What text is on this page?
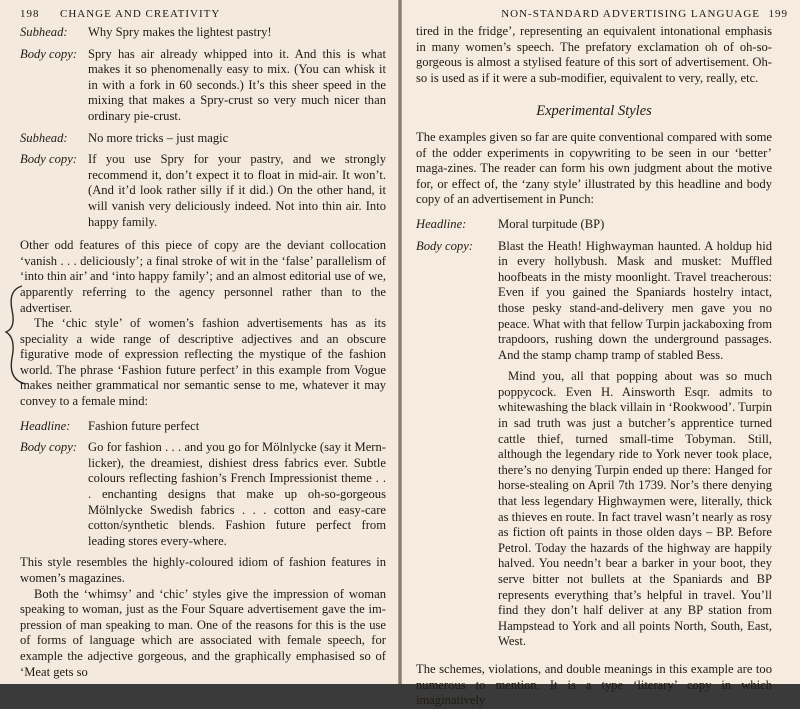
198 CHANGE AND CREATIVITY
Subhead:	Why Spry makes the lightest pastry!
Body copy: Spry has air already whipped into it. And this is what makes it so phenomenally easy to mix. (You can whisk it in with a fork in 60 seconds.) It’s this sheer speed in the mixing that makes a Spry-crust so very much nicer than ordinary pie-crust.
Subhead:	No more tricks – just magic
Body copy: If you use Spry for your pastry, and we strongly recommend it, don’t expect it to float in mid-air. It won’t. (And it’d look rather silly if it did.) On the other hand, it will vanish very deliciously indeed. Not into thin air. Into happy family.

Other odd features of this piece of copy are the deviant collocation ‘vanish . . . deliciously’; a final stroke of wit in the ‘false’ parallelism of ‘into thin air’ and ‘into happy family’; and an almost editorial use of we, apparently referring to the agency personnel rather than to the advertiser.

The ‘chic style’ of women’s fashion advertisements has as its speciality a wide range of descriptive adjectives and an obscure figurative mode of expression reflecting the mystique of the fashion world. The phrase ‘Fashion future perfect’ in this example from Vogue makes neither grammatical nor semantic sense to me, whatever it may convey to a female mind:

Headline:	Fashion future perfect
Body copy: Go for fashion . . . and you go for Mölnlycke (say it Mern-licker), the dreamiest, dishiest dress fabrics ever. Subtle colours reflecting fashion’s French Impressionist theme . . . enchanting designs that make up oh-so-gorgeous Mölnlycke Swedish fabrics . . . cotton and easy-care cotton/synthetic blends. Fashion future perfect from leading stores every-where.

This style resembles the highly-coloured idiom of fashion features in women’s magazines.

Both the ‘whimsy’ and ‘chic’ styles give the impression of woman speaking to woman, just as the Four Square advertisement gave the im-pression of man speaking to man. One of the reasons for this is the use of forms of language which are associated with female speech, for example the adjective gorgeous, and the graphically emphasised so of ‘Meat gets so

NON-STANDARD ADVERTISING LANGUAGE 199

tired in the fridge’, representing an equivalent intonational emphasis in many women’s speech. The prefatory exclamation oh of oh-so-gorgeous is almost a stylised feature of this sort of advertisement. Oh-so is used as if it were a sub-modifier, equivalent to very, really, etc.

Experimental Styles

The examples given so far are quite conventional compared with some of the odder experiments in copywriting to be seen in our ‘better’ maga-zines. The reader can form his own judgment about the motive for, or effect of, the ‘zany style’ illustrated by this headline and body copy of an advertisement in Punch:

Headline:	Moral turpitude (BP)
Body copy:	Blast the Heath! Highwayman haunted. A holdup hid in every hollybush. Mask and musket: Muffled hoofbeats in the misty moonlight. Travel treacherous: Even if you gained the Spaniards hostelry intact, those pesky stand-and-delivery men gave you no peace. What with that fellow Turpin jackaboxing from trapdoors, rushing down the underground passages. And the stamp champ tramp of stabled Bess.
Mind you, all that popping about was so much poppycock. Even H. Ainsworth Esqr. admits to whitewashing the black villain in ‘Rookwood’. Turpin in sad truth was just a butcher’s apprentice turned cattle thief, turned small-time Tobyman. Still, although the legendary ride to York never took place, there’s no denying Turpin ended up there: Hanged for horse-stealing on April 7th 1739. Nor’s there denying that less legendary Highwaymen were, literally, thick as thieves en route. In fact travel wasn’t nearly as rosy as fiction oft paints in those olden days – BP. Before Petrol. Today the hazards of the highway are happily halved. You needn’t bear a barker in your boot, they serve bitter not bullets at the Spaniards and BP represents everything that’s helpful in travel. You’ll find they don’t half deliver at any BP station from Hampstead to York and all points North, South, East, West.

The schemes, violations, and double meanings in this example are too numerous to mention. It is a type ‘literary’ copy in which imaginatively
